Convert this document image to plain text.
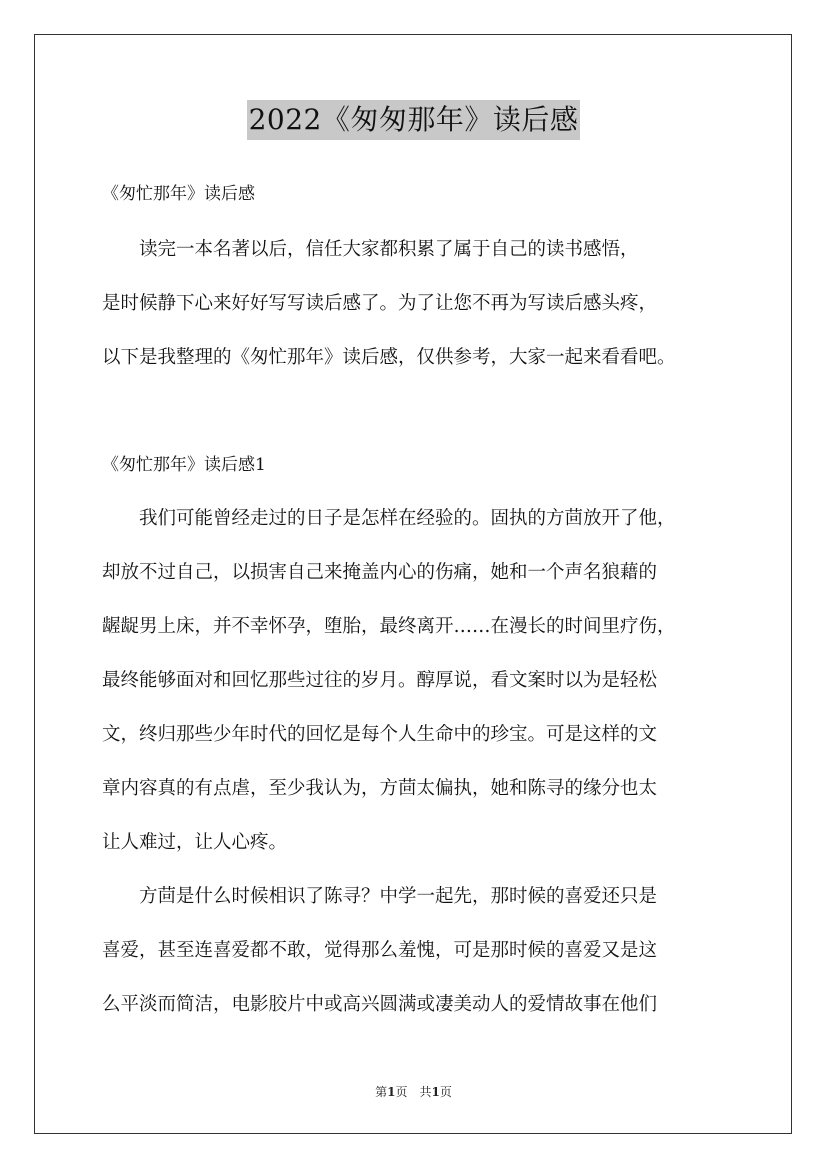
2022《匆匆那年》读后感
《匆忙那年》读后感
　　读完一本名著以后，信任大家都积累了属于自己的读书感悟，
是时候静下心来好好写写读后感了。为了让您不再为写读后感头疼，
以下是我整理的《匆忙那年》读后感，仅供参考，大家一起来看看吧。
《匆忙那年》读后感1
　　我们可能曾经走过的日子是怎样在经验的。固执的方茴放开了他，
却放不过自己，以损害自己来掩盖内心的伤痛，她和一个声名狼藉的
龌龊男上床，并不幸怀孕，堕胎，最终离开……在漫长的时间里疗伤，
最终能够面对和回忆那些过往的岁月。醇厚说，看文案时以为是轻松
文，终归那些少年时代的回忆是每个人生命中的珍宝。可是这样的文
章内容真的有点虐，至少我认为，方茴太偏执，她和陈寻的缘分也太
让人难过，让人心疼。
　　方茴是什么时候相识了陈寻？中学一起先，那时候的喜爱还只是
喜爱，甚至连喜爱都不敢，觉得那么羞愧，可是那时候的喜爱又是这
么平淡而简洁，电影胶片中或高兴圆满或凄美动人的爱情故事在他们
第1页　共1页
